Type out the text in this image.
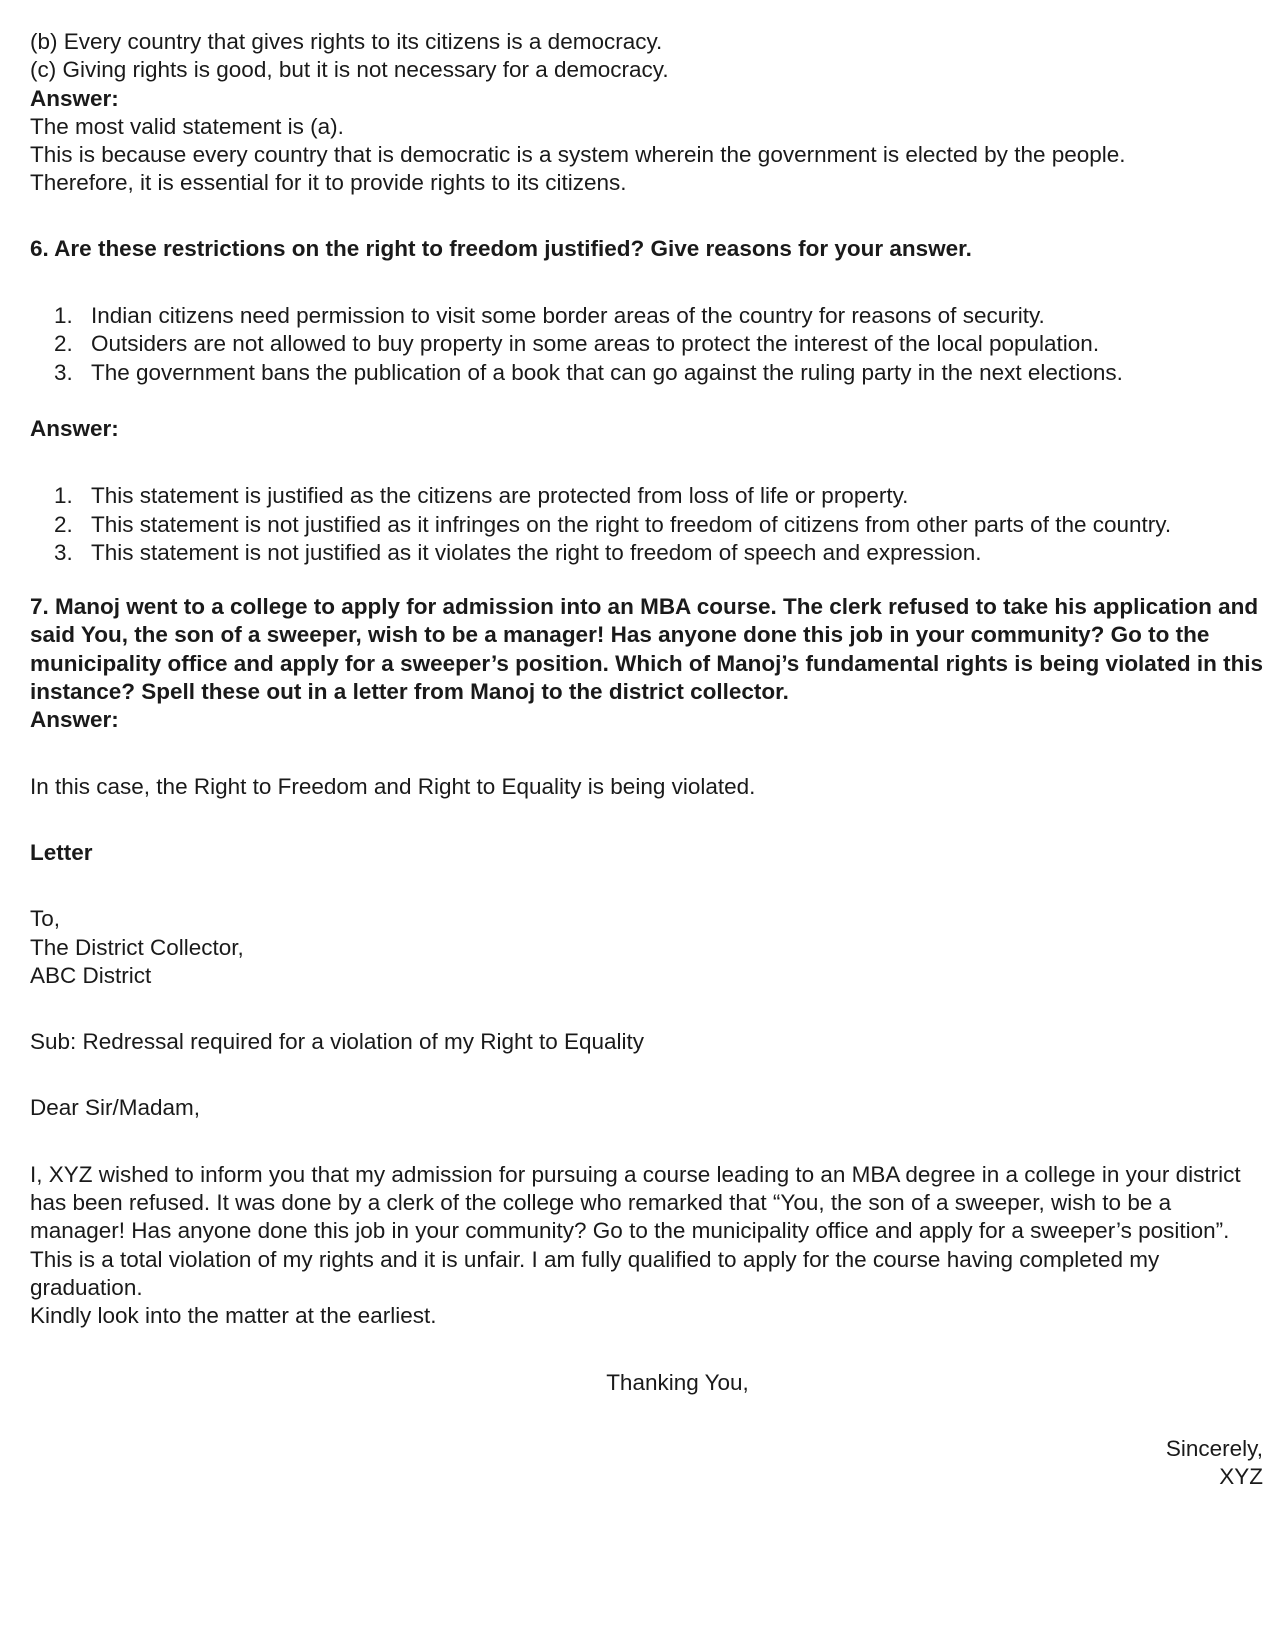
(b) Every country that gives rights to its citizens is a democracy.
(c) Giving rights is good, but it is not necessary for a democracy.
Answer:
The most valid statement is (a).
This is because every country that is democratic is a system wherein the government is elected by the people.
Therefore, it is essential for it to provide rights to its citizens.
6. Are these restrictions on the right to freedom justified? Give reasons for your answer.
1. Indian citizens need permission to visit some border areas of the country for reasons of security.
2. Outsiders are not allowed to buy property in some areas to protect the interest of the local population.
3. The government bans the publication of a book that can go against the ruling party in the next elections.
Answer:
1. This statement is justified as the citizens are protected from loss of life or property.
2. This statement is not justified as it infringes on the right to freedom of citizens from other parts of the country.
3. This statement is not justified as it violates the right to freedom of speech and expression.
7. Manoj went to a college to apply for admission into an MBA course. The clerk refused to take his application and said You, the son of a sweeper, wish to be a manager! Has anyone done this job in your community? Go to the municipality office and apply for a sweeper’s position. Which of Manoj’s fundamental rights is being violated in this instance? Spell these out in a letter from Manoj to the district collector.
Answer:
In this case, the Right to Freedom and Right to Equality is being violated.
Letter
To,
The District Collector,
ABC District
Sub: Redressal required for a violation of my Right to Equality
Dear Sir/Madam,
I, XYZ wished to inform you that my admission for pursuing a course leading to an MBA degree in a college in your district has been refused. It was done by a clerk of the college who remarked that “You, the son of a sweeper, wish to be a manager! Has anyone done this job in your community? Go to the municipality office and apply for a sweeper’s position”. This is a total violation of my rights and it is unfair. I am fully qualified to apply for the course having completed my graduation.
Kindly look into the matter at the earliest.
Thanking You,
Sincerely,
XYZ
